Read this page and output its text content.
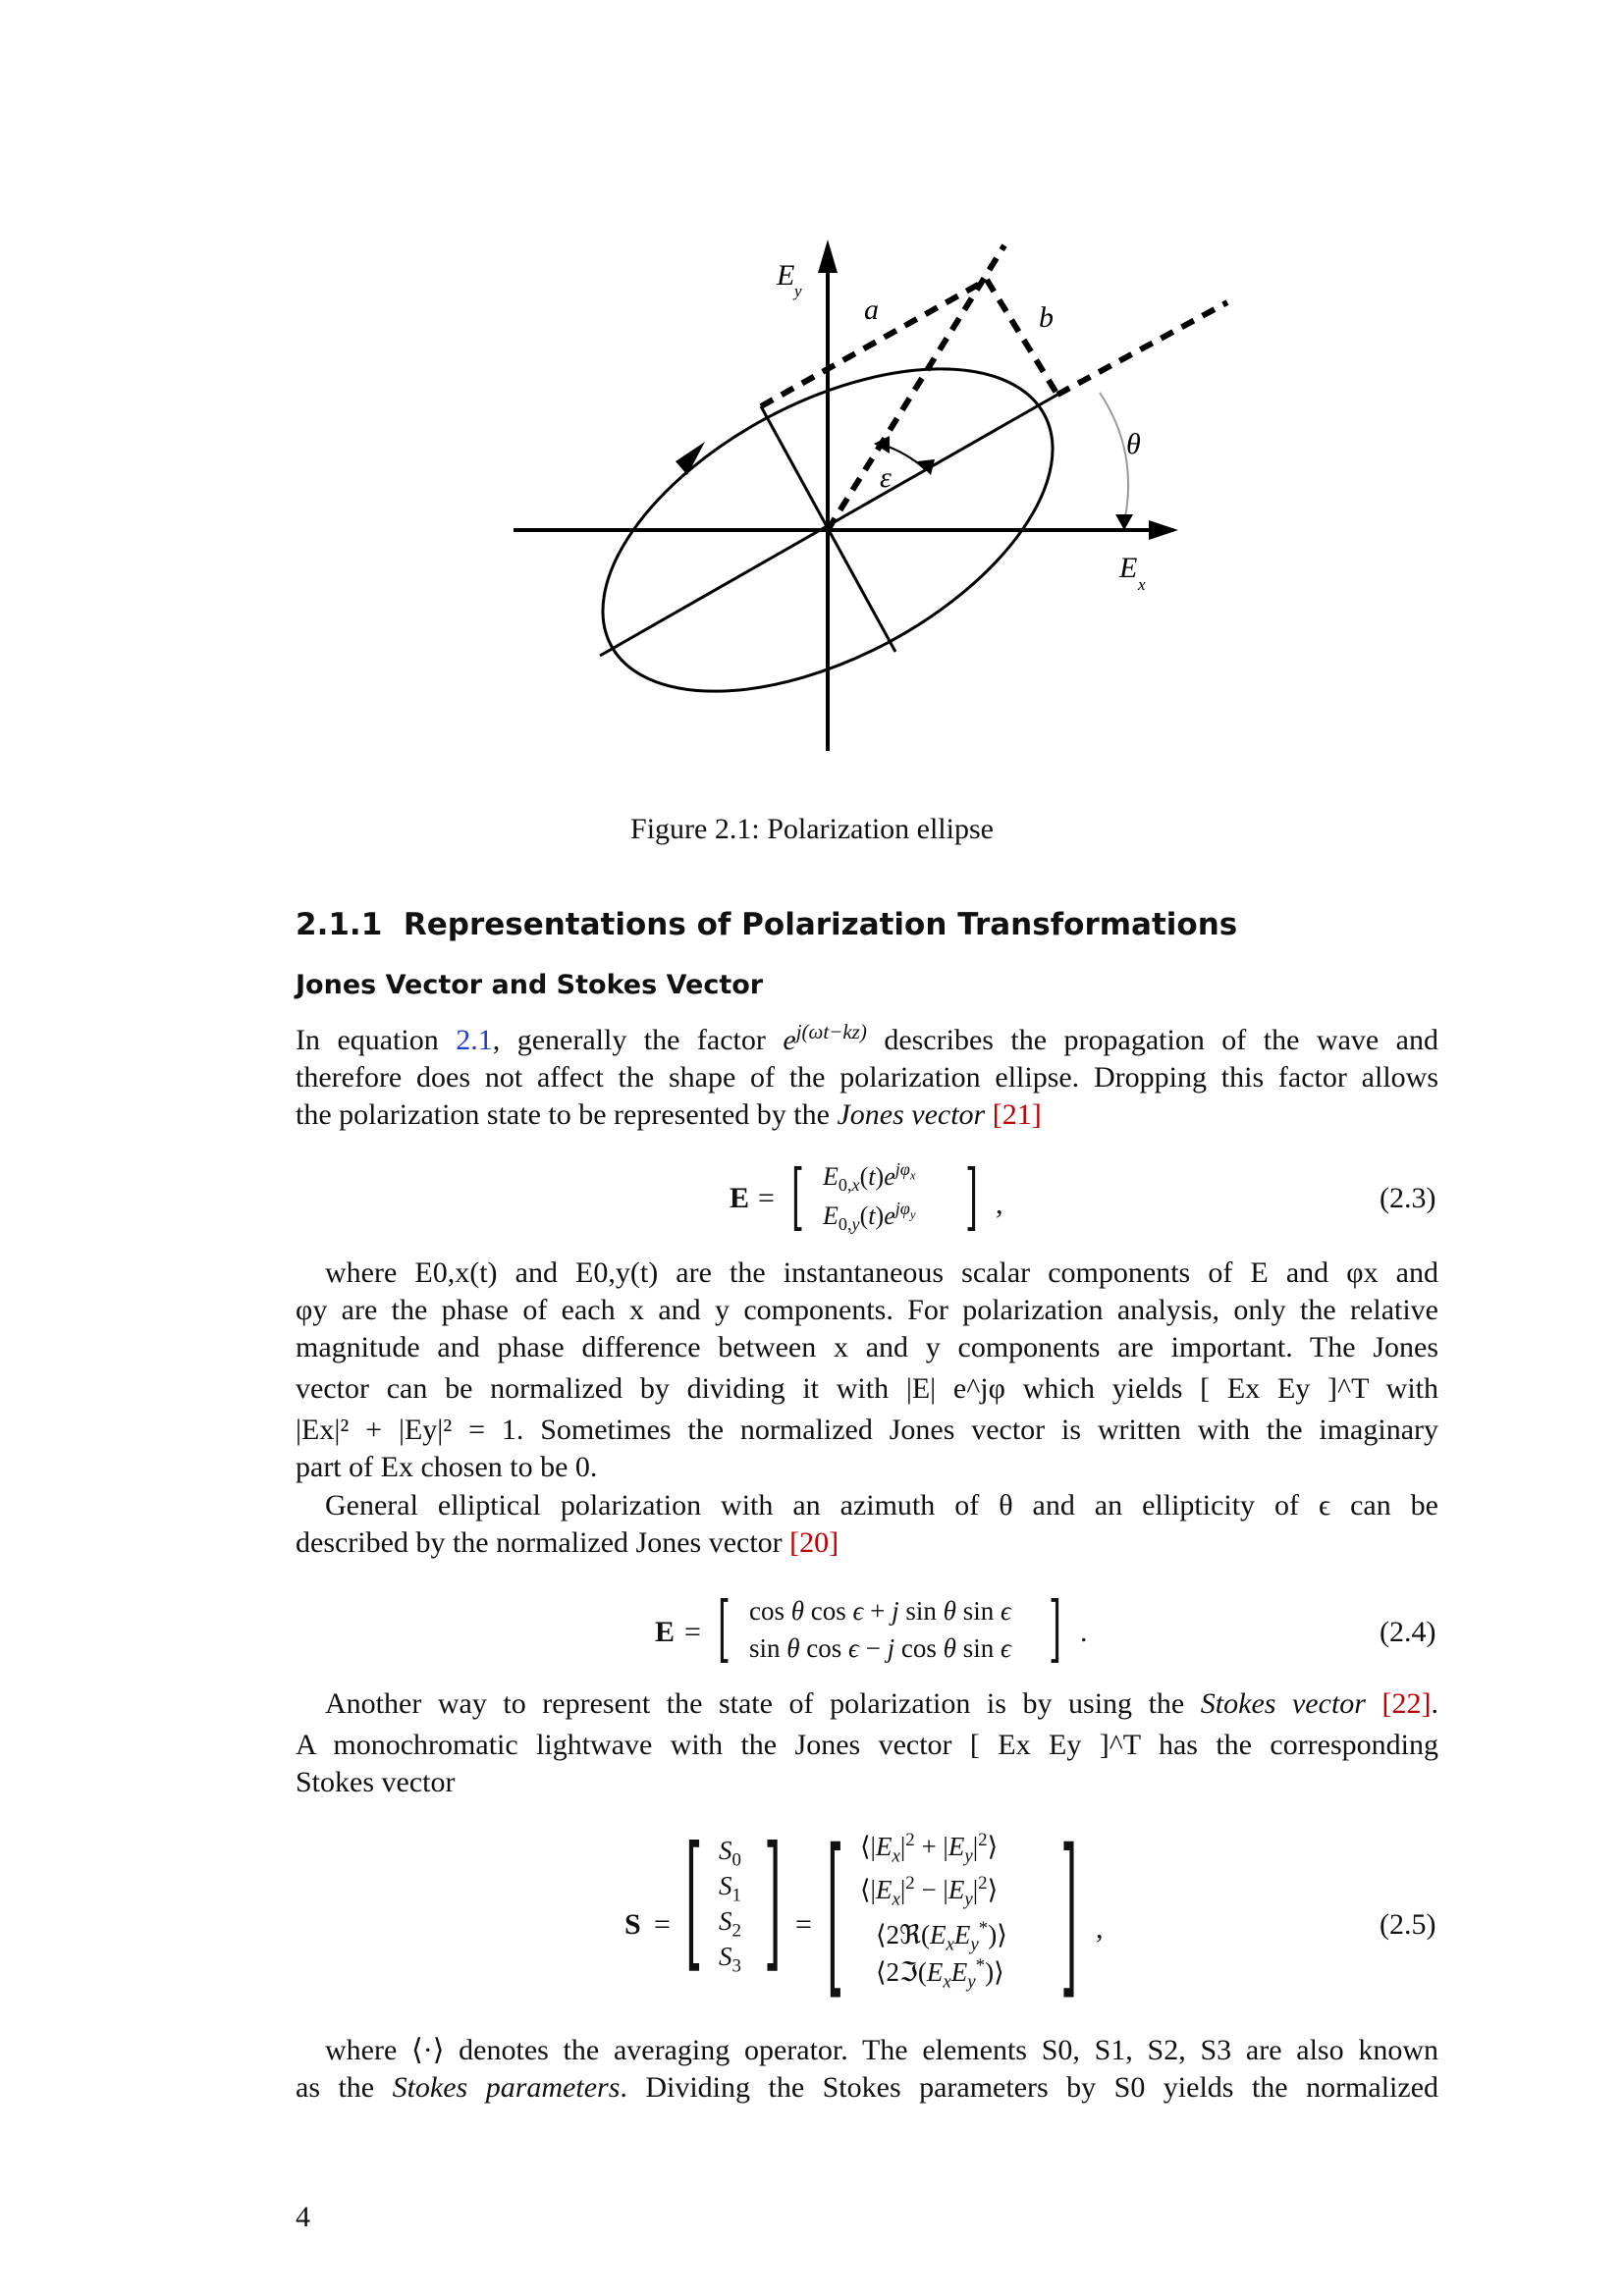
E y
a	b
θ
ε
E
x
Figure 2.1: Polarization ellipse
2.1.1 Representations of Polarization Transformations
Jones Vector and Stokes Vector
In equation 2.1, generally the factor $e^{j(\omega t-kz)}$ describes the propagation of the wave and
therefore does not affect the shape of the polarization ellipse. Dropping this factor allows
the polarization state to be represented by the Jones vector [21]
E = [ $E_{0,x}(t)e^{j\varphi_x}$
$E_{0,y}(t)e^{j\varphi_y}$ ] ,	(2.3)
where E0,x(t) and E0,y(t) are the instantaneous scalar components of E and φx and
φy are the phase of each x and y components. For polarization analysis, only the relative
magnitude and phase difference between x and y components are important. The Jones
vector can be normalized by dividing it with |E| e^jφ which yields [ Ex Ey ]^T with
|Ex|² + |Ey|² = 1. Sometimes the normalized Jones vector is written with the imaginary
part of Ex chosen to be 0.
General elliptical polarization with an azimuth of θ and an ellipticity of ϵ can be
described by the normalized Jones vector [20]
E = [ cos θ cos ϵ + j sin θ sin ϵ
sin θ cos ϵ − j cos θ sin ϵ ] .	(2.4)
Another way to represent the state of polarization is by using the Stokes vector [22].
A monochromatic lightwave with the Jones vector [ Ex Ey ]^T has the corresponding
Stokes vector
S = [ $S_0$
$S_1$
$S_2$
$S_3$ ] = [ $⟨|E_x|^2$ + $|E_y|^2⟩$
$⟨|E_x|^2$ − $|E_y|^2⟩$
$⟨2ℜ(E_xE_y^*)⟩$
$⟨2ℑ(E_xE_y^*)⟩$ ] ,	(2.5)
where ⟨·⟩ denotes the averaging operator. The elements S0, S1, S2, S3 are also known
as the Stokes parameters. Dividing the Stokes parameters by S0 yields the normalized
4
